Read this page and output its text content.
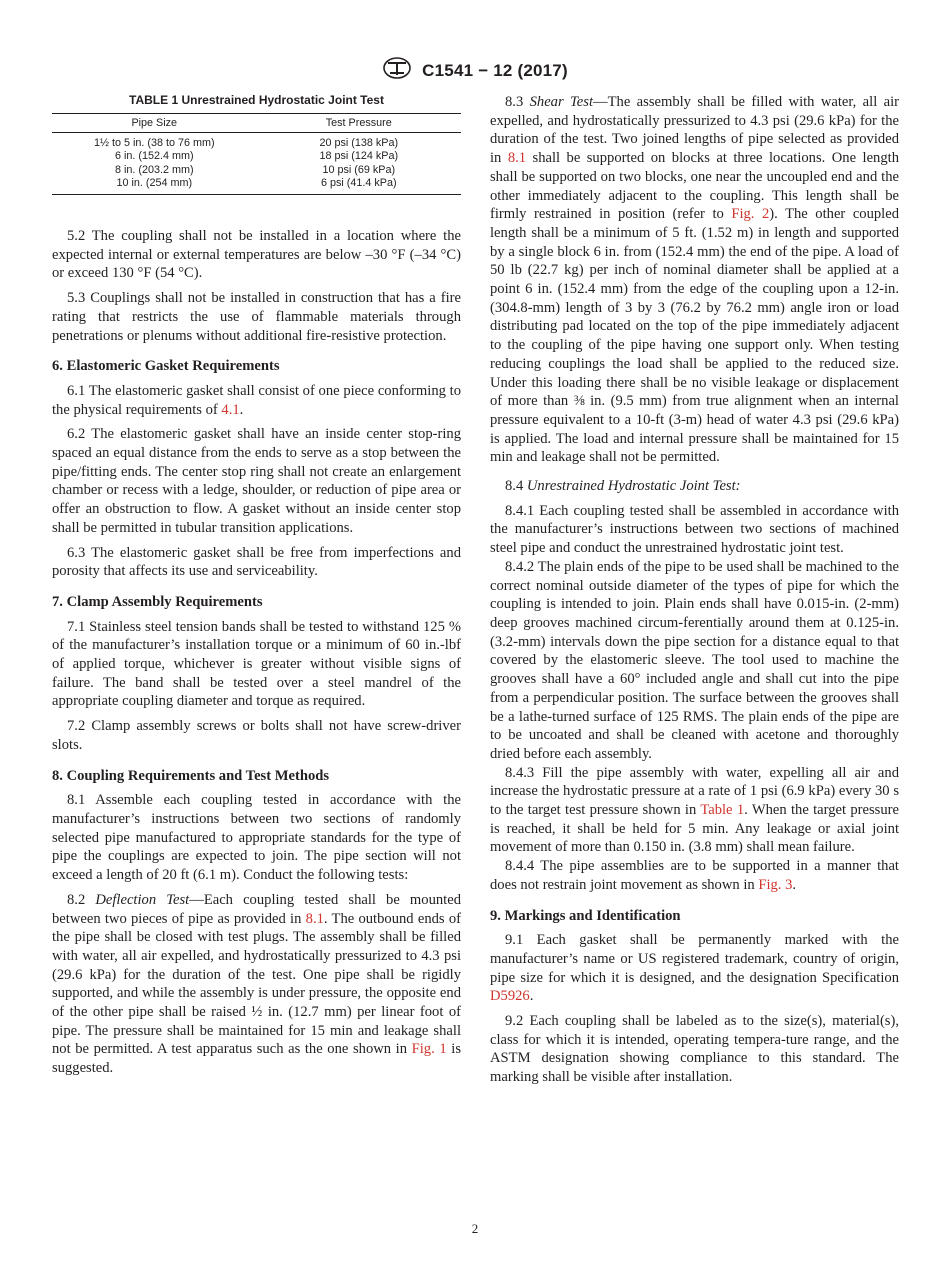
C1541 − 12 (2017)
TABLE 1 Unrestrained Hydrostatic Joint Test
Pipe Size	Test Pressure
1½ to 5 in. (38 to 76 mm)	20 psi (138 kPa)
6 in. (152.4 mm)	18 psi (124 kPa)
8 in. (203.2 mm)	10 psi (69 kPa)
10 in. (254 mm)	6 psi (41.4 kPa)

5.2 The coupling shall not be installed in a location where the expected internal or external temperatures are below –30 °F (–34 °C) or exceed 130 °F (54 °C).

5.3 Couplings shall not be installed in construction that has a fire rating that restricts the use of flammable materials through penetrations or plenums without additional fire-resistive protection.

6. Elastomeric Gasket Requirements

6.1 The elastomeric gasket shall consist of one piece conforming to the physical requirements of 4.1.

6.2 The elastomeric gasket shall have an inside center stop-ring spaced an equal distance from the ends to serve as a stop between the pipe/fitting ends. The center stop ring shall not create an enlargement chamber or recess with a ledge, shoulder, or reduction of pipe area or offer an obstruction to flow. A gasket without an inside center stop shall be permitted in tubular transition applications.

6.3 The elastomeric gasket shall be free from imperfections and porosity that affects its use and serviceability.

7. Clamp Assembly Requirements

7.1 Stainless steel tension bands shall be tested to withstand 125 % of the manufacturer’s installation torque or a minimum of 60 in.-lbf of applied torque, whichever is greater without visible signs of failure. The band shall be tested over a steel mandrel of the appropriate coupling diameter and torque as required.

7.2 Clamp assembly screws or bolts shall not have screw-driver slots.

8. Coupling Requirements and Test Methods

8.1 Assemble each coupling tested in accordance with the manufacturer’s instructions between two sections of randomly selected pipe manufactured to appropriate standards for the type of pipe the couplings are expected to join. The pipe section will not exceed a length of 20 ft (6.1 m). Conduct the following tests:

8.2 Deflection Test—Each coupling tested shall be mounted between two pieces of pipe as provided in 8.1. The outbound ends of the pipe shall be closed with test plugs. The assembly shall be filled with water, all air expelled, and hydrostatically pressurized to 4.3 psi (29.6 kPa) for the duration of the test. One pipe shall be rigidly supported, and while the assembly is under pressure, the opposite end of the other pipe shall be raised ½ in. (12.7 mm) per linear foot of pipe. The pressure shall be maintained for 15 min and leakage shall not be permitted. A test apparatus such as the one shown in Fig. 1 is suggested.

8.3 Shear Test—The assembly shall be filled with water, all air expelled, and hydrostatically pressurized to 4.3 psi (29.6 kPa) for the duration of the test. Two joined lengths of pipe selected as provided in 8.1 shall be supported on blocks at three locations. One length shall be supported on two blocks, one near the uncoupled end and the other immediately adjacent to the coupling. This length shall be firmly restrained in position (refer to Fig. 2). The other coupled length shall be a minimum of 5 ft. (1.52 m) in length and supported by a single block 6 in. from (152.4 mm) the end of the pipe. A load of 50 lb (22.7 kg) per inch of nominal diameter shall be applied at a point 6 in. (152.4 mm) from the edge of the coupling upon a 12-in. (304.8-mm) length of 3 by 3 (76.2 by 76.2 mm) angle iron or load distributing pad located on the top of the pipe immediately adjacent to the coupling of the pipe having one support only. When testing reducing couplings the load shall be applied to the reduced size. Under this loading there shall be no visible leakage or displacement of more than ⅜ in. (9.5 mm) from true alignment when an internal pressure equivalent to a 10-ft (3-m) head of water 4.3 psi (29.6 kPa) is applied. The load and internal pressure shall be maintained for 15 min and leakage shall not be permitted.

8.4 Unrestrained Hydrostatic Joint Test:

8.4.1 Each coupling tested shall be assembled in accordance with the manufacturer’s instructions between two sections of machined steel pipe and conduct the unrestrained hydrostatic joint test.

8.4.2 The plain ends of the pipe to be used shall be machined to the correct nominal outside diameter of the types of pipe for which the coupling is intended to join. Plain ends shall have 0.015-in. (2-mm) deep grooves machined circum-ferentially around them at 0.125-in. (3.2-mm) intervals down the pipe section for a distance equal to that covered by the elastomeric sleeve. The tool used to machine the grooves shall have a 60° included angle and shall cut into the pipe from a perpendicular position. The surface between the grooves shall be a lathe-turned surface of 125 RMS. The plain ends of the pipe are to be uncoated and shall be cleaned with acetone and thoroughly dried before each assembly.

8.4.3 Fill the pipe assembly with water, expelling all air and increase the hydrostatic pressure at a rate of 1 psi (6.9 kPa) every 30 s to the target test pressure shown in Table 1. When the target pressure is reached, it shall be held for 5 min. Any leakage or axial joint movement of more than 0.150 in. (3.8 mm) shall mean failure.

8.4.4 The pipe assemblies are to be supported in a manner that does not restrain joint movement as shown in Fig. 3.

9. Markings and Identification

9.1 Each gasket shall be permanently marked with the manufacturer’s name or US registered trademark, country of origin, pipe size for which it is designed, and the designation Specification D5926.

9.2 Each coupling shall be labeled as to the size(s), material(s), class for which it is intended, operating tempera-ture range, and the ASTM designation showing compliance to this standard. The marking shall be visible after installation.

2
